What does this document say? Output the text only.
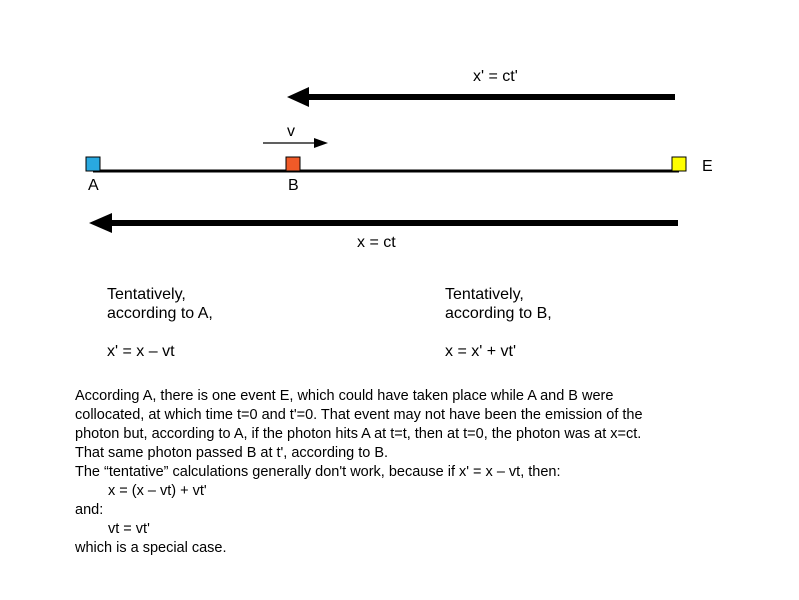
x' = ct'
v
A	B
E
x = ct
Tentatively,
according to A,
x' = x – vt
Tentatively,
according to B,
x = x' + vt'
According A, there is one event E, which could have taken place while A and B were
collocated, at which time t=0 and t'=0. That event may not have been the emission of the
photon but, according to A, if the photon hits A at t=t, then at t=0, the photon was at x=ct.
That same photon passed B at t', according to B.
The “tentative” calculations generally don't work, because if x' = x – vt, then:
x = (x – vt) + vt'
and:
vt = vt'
which is a special case.
